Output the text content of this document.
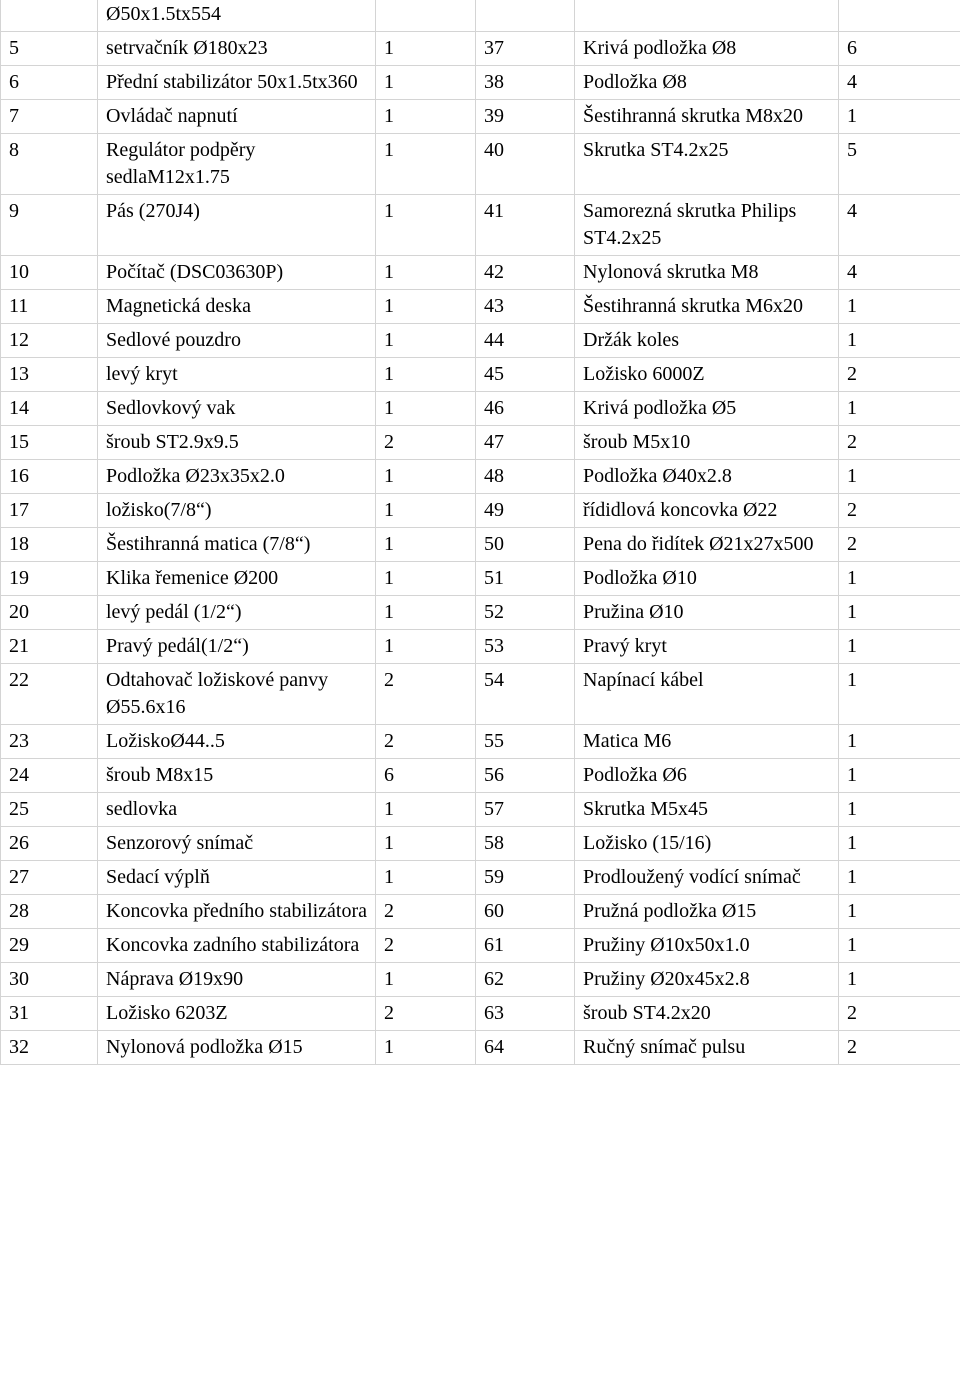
	Ø50x1.5tx554				
5	setrvačník Ø180x23	1	37	Krivá podložka Ø8	6
6	Přední stabilizátor 50x1.5tx360	1	38	Podložka Ø8	4
7	Ovládač napnutí	1	39	Šestihranná skrutka M8x20	1
8	Regulátor podpěry sedlaM12x1.75	1	40	Skrutka ST4.2x25	5
9	Pás (270J4)	1	41	Samorezná skrutka Philips ST4.2x25	4
10	Počítač (DSC03630P)	1	42	Nylonová skrutka M8	4
11	Magnetická deska	1	43	Šestihranná skrutka M6x20	1
12	Sedlové pouzdro	1	44	Držák koles	1
13	levý kryt	1	45	Ložisko 6000Z	2
14	Sedlovkový vak	1	46	Krivá podložka Ø5	1
15	šroub ST2.9x9.5	2	47	šroub M5x10	2
16	Podložka Ø23x35x2.0	1	48	Podložka Ø40x2.8	1
17	ložisko(7/8“)	1	49	řídidlová koncovka Ø22	2
18	Šestihranná matica (7/8“)	1	50	Pena do řidítek Ø21x27x500	2
19	Klika řemenice Ø200	1	51	Podložka Ø10	1
20	levý pedál (1/2“)	1	52	Pružina Ø10	1
21	Pravý pedál(1/2“)	1	53	Pravý kryt	1
22	Odtahovač ložiskové panvy Ø55.6x16	2	54	Napínací kábel	1
23	LožiskoØ44..5	2	55	Matica M6	1
24	šroub M8x15	6	56	Podložka Ø6	1
25	sedlovka	1	57	Skrutka M5x45	1
26	Senzorový snímač	1	58	Ložisko (15/16)	1
27	Sedací výplň	1	59	Prodloužený vodící snímač	1
28	Koncovka předního stabilizátora	2	60	Pružná podložka Ø15	1
29	Koncovka zadního stabilizátora	2	61	Pružiny Ø10x50x1.0	1
30	Náprava Ø19x90	1	62	Pružiny Ø20x45x2.8	1
31	Ložisko 6203Z	2	63	šroub ST4.2x20	2
32	Nylonová podložka Ø15	1	64	Ručný snímač pulsu	2
